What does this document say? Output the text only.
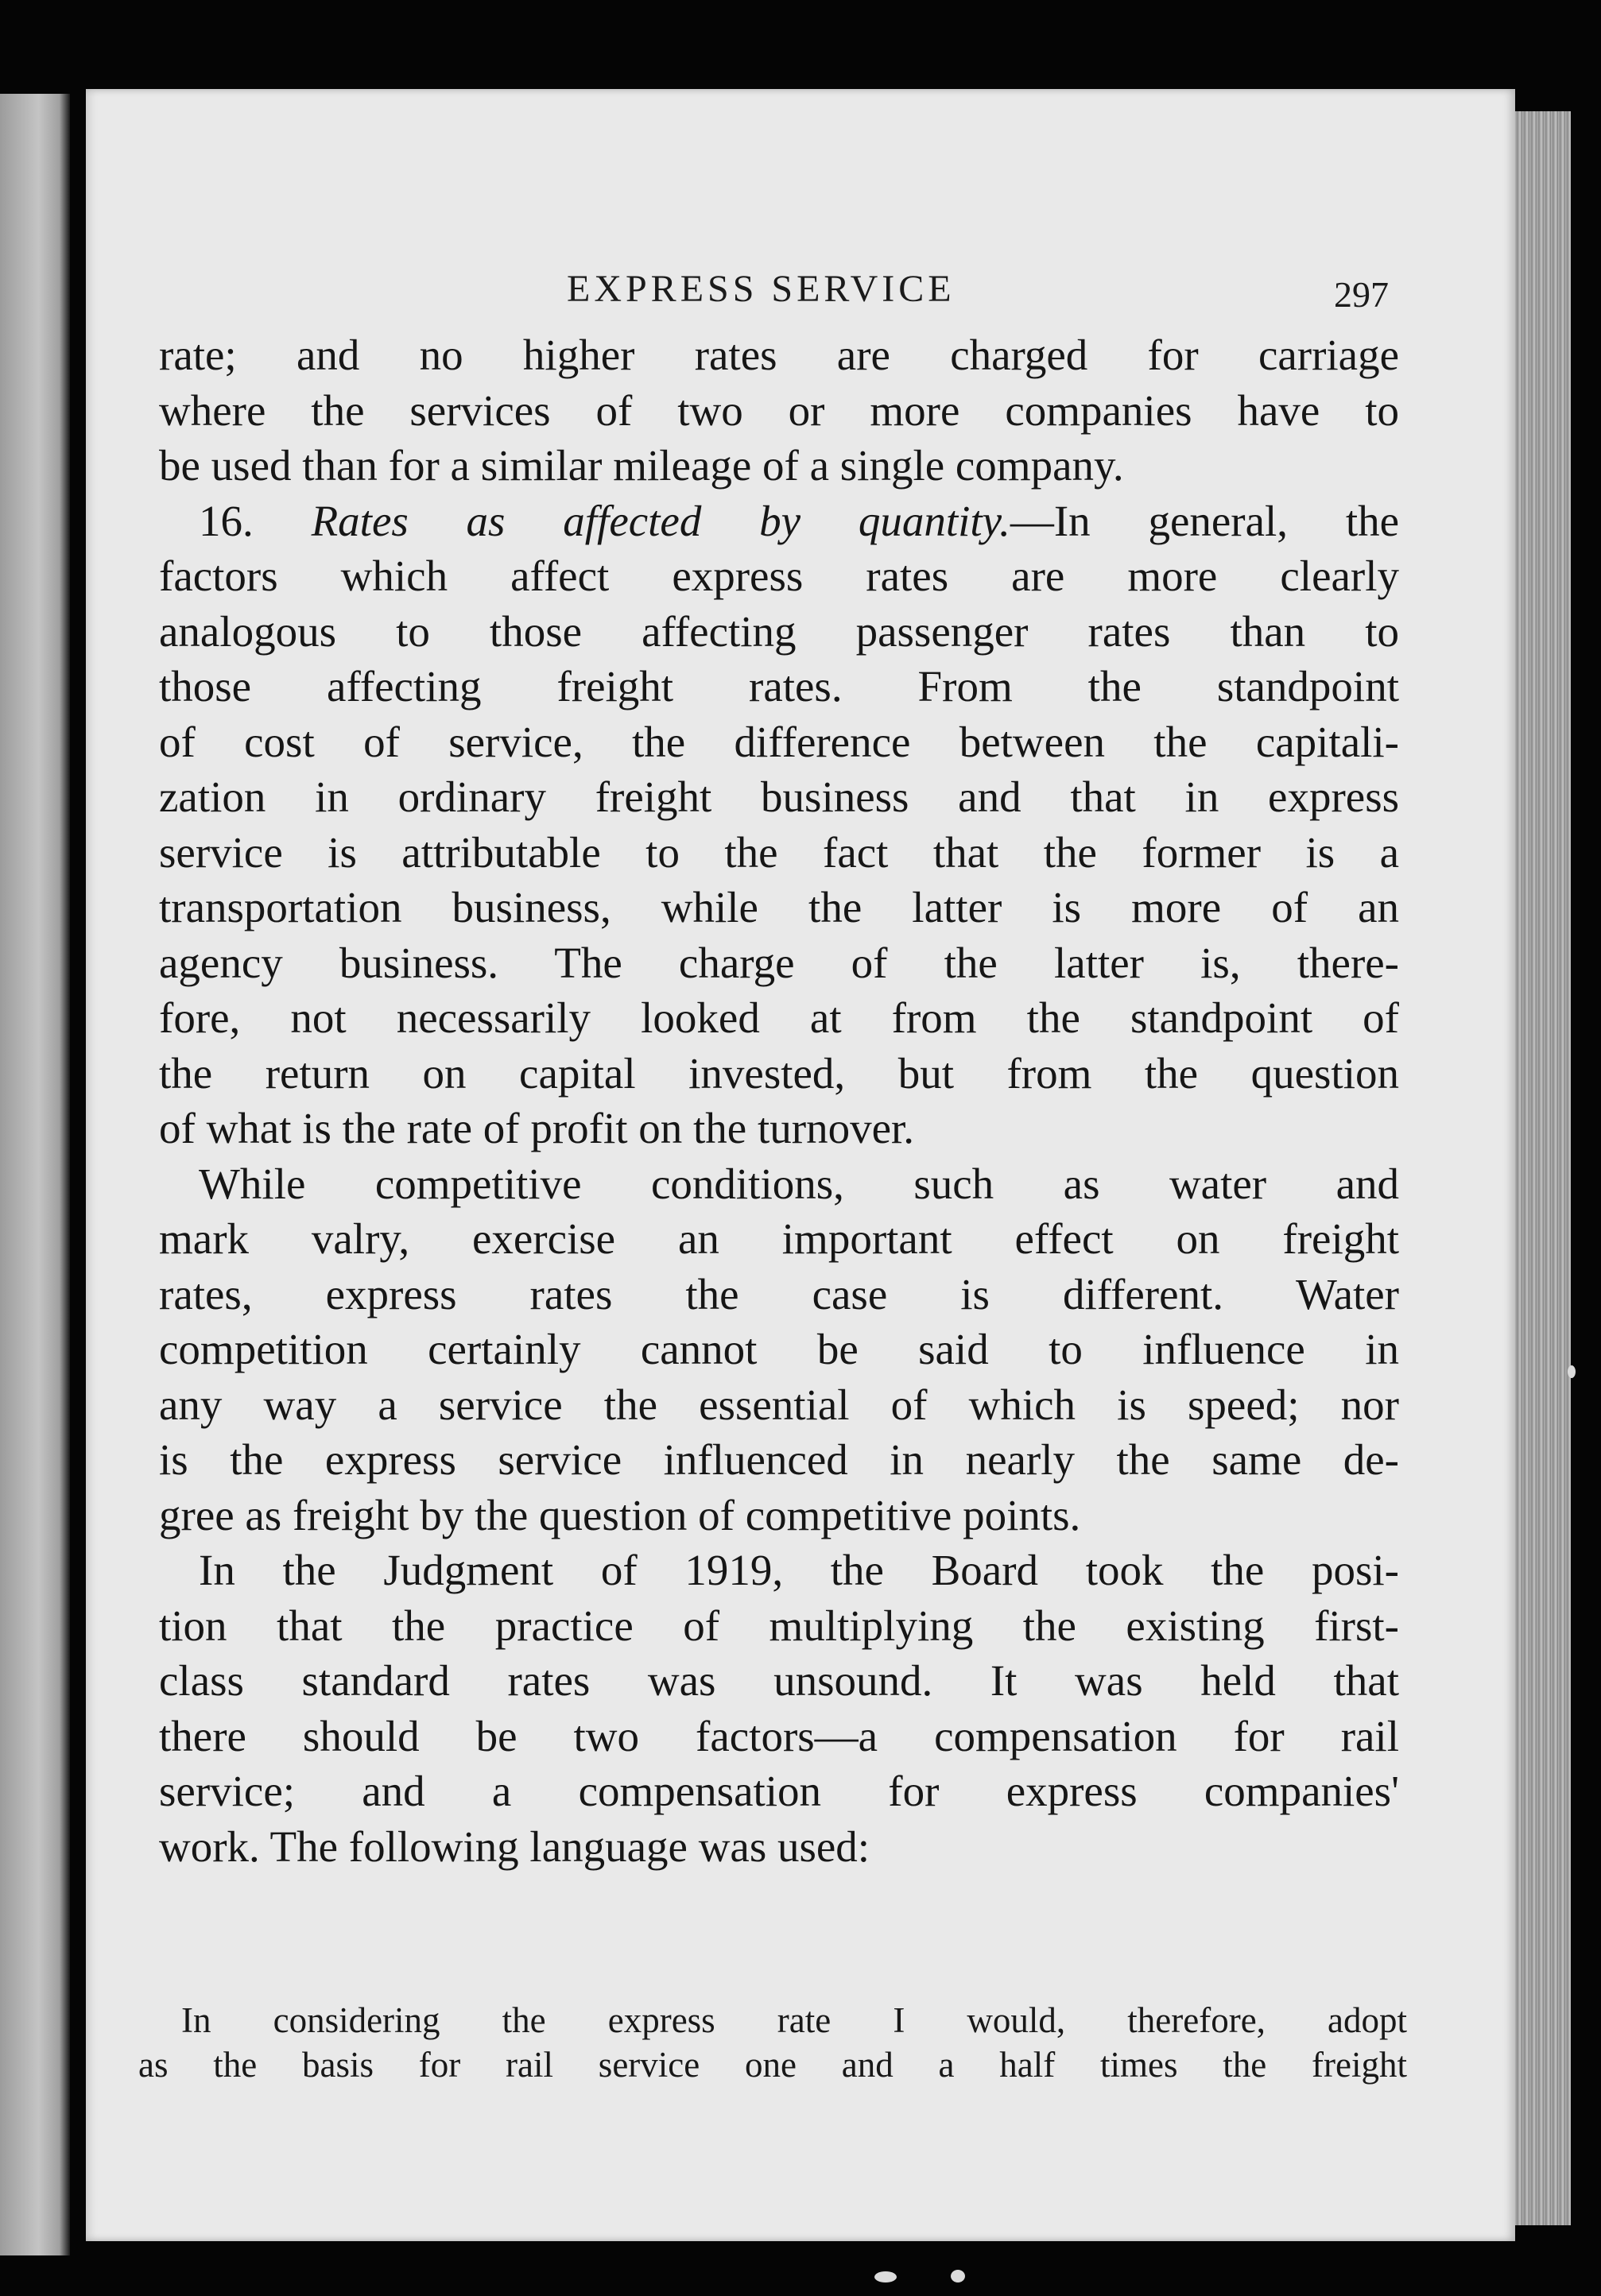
EXPRESS SERVICE	297
rate; and no higher rates are charged for carriage
where the services of two or more companies have to
be used than for a similar mileage of a single company.
16. Rates as affected by quantity.—In general, the
factors which affect express rates are more clearly
analogous to those affecting passenger rates than to
those affecting freight rates. From the standpoint
of cost of service, the difference between the capitali-
zation in ordinary freight business and that in express
service is attributable to the fact that the former is a
transportation business, while the latter is more of an
agency business. The charge of the latter is, there-
fore, not necessarily looked at from the standpoint of
the return on capital invested, but from the question
of what is the rate of profit on the turnover.
While competitive conditions, such as water and
mark valry, exercise an important effect on freight
rates, express rates the case is different. Water
competition certainly cannot be said to influence in
any way a service the essential of which is speed; nor
is the express service influenced in nearly the same de-
gree as freight by the question of competitive points.
In the Judgment of 1919, the Board took the posi-
tion that the practice of multiplying the existing first-
class standard rates was unsound. It was held that
there should be two factors—a compensation for rail
service; and a compensation for express companies'
work. The following language was used:
In considering the express rate I would, therefore, adopt
as the basis for rail service one and a half times the freight
